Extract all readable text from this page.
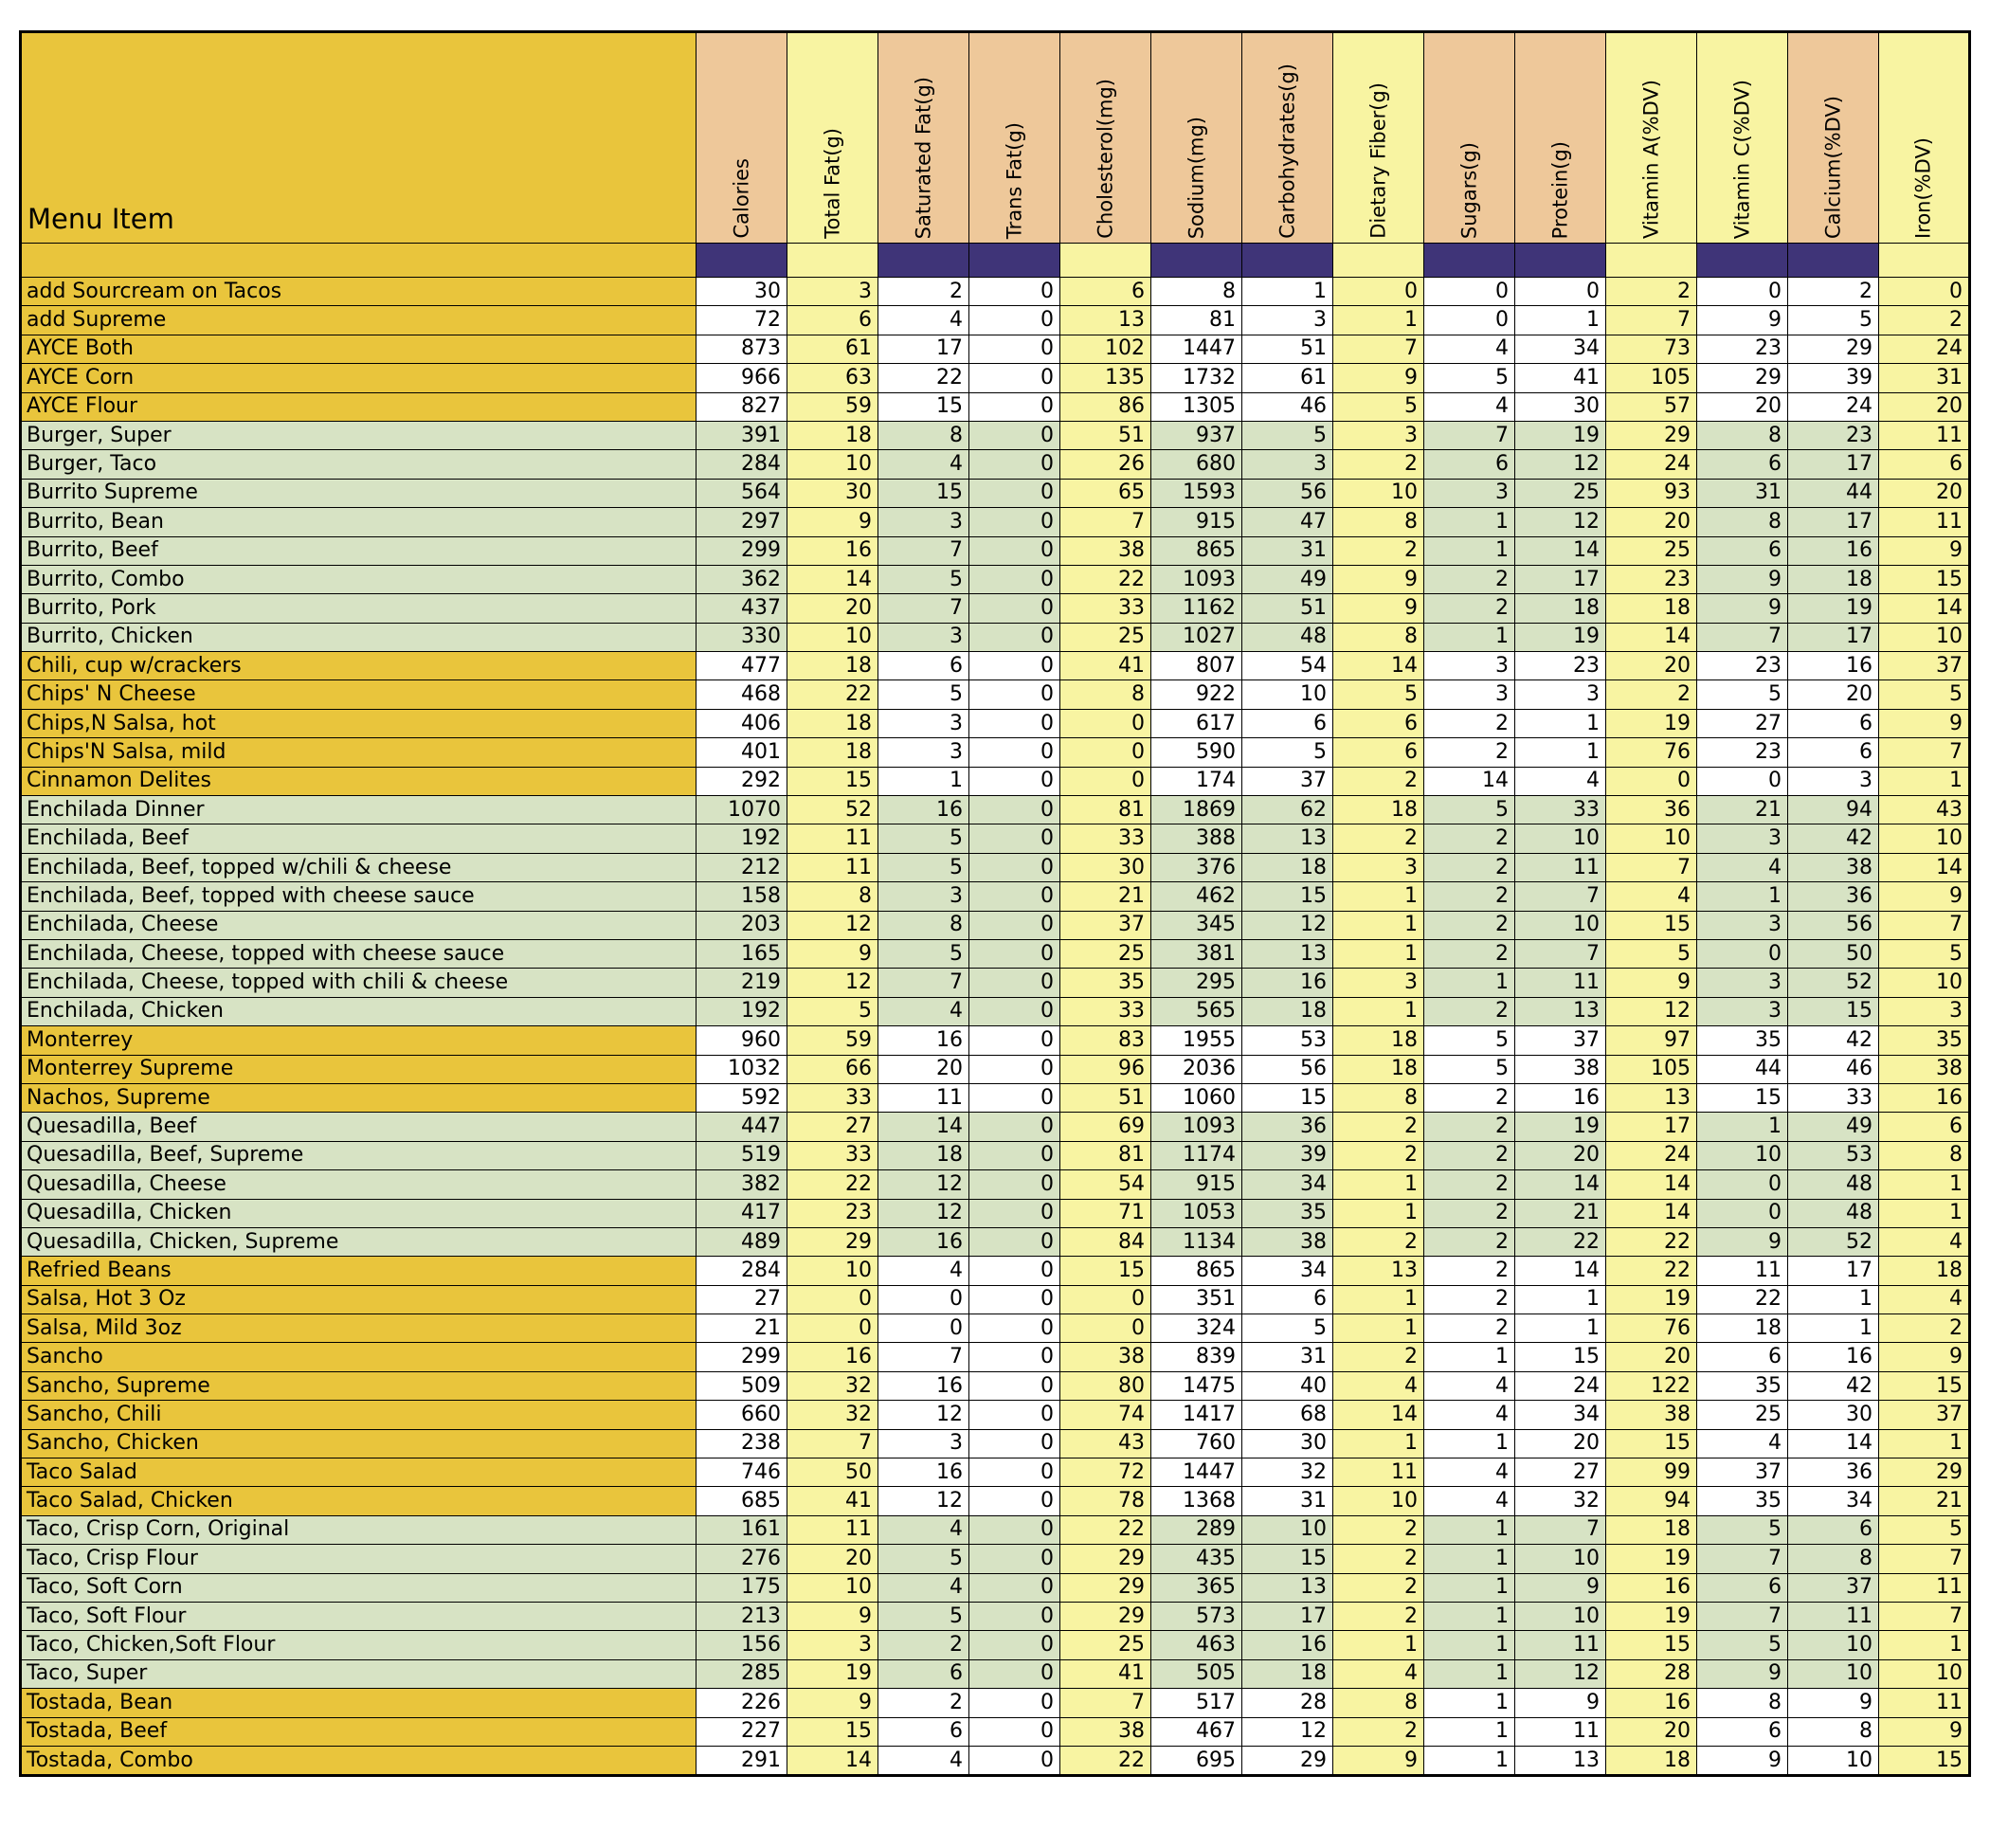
Menu Item	Calories	Total Fat(g)	Saturated Fat(g)	Trans Fat(g)	Cholesterol(mg)	Sodium(mg)	Carbohydrates(g)	Dietary Fiber(g)	Sugars(g)	Protein(g)	Vitamin A(%DV)	Vitamin C(%DV)	Calcium(%DV)	Iron(%DV)

add Sourcream on Tacos	30	3	2	0	6	8	1	0	0	0	2	0	2	0
add Supreme	72	6	4	0	13	81	3	1	0	1	7	9	5	2
AYCE Both	873	61	17	0	102	1447	51	7	4	34	73	23	29	24
AYCE Corn	966	63	22	0	135	1732	61	9	5	41	105	29	39	31
AYCE Flour	827	59	15	0	86	1305	46	5	4	30	57	20	24	20
Burger, Super	391	18	8	0	51	937	5	3	7	19	29	8	23	11
Burger, Taco	284	10	4	0	26	680	3	2	6	12	24	6	17	6
Burrito Supreme	564	30	15	0	65	1593	56	10	3	25	93	31	44	20
Burrito, Bean	297	9	3	0	7	915	47	8	1	12	20	8	17	11
Burrito, Beef	299	16	7	0	38	865	31	2	1	14	25	6	16	9
Burrito, Combo	362	14	5	0	22	1093	49	9	2	17	23	9	18	15
Burrito, Pork	437	20	7	0	33	1162	51	9	2	18	18	9	19	14
Burrito, Chicken	330	10	3	0	25	1027	48	8	1	19	14	7	17	10
Chili, cup w/crackers	477	18	6	0	41	807	54	14	3	23	20	23	16	37
Chips' N Cheese	468	22	5	0	8	922	10	5	3	3	2	5	20	5
Chips,N Salsa, hot	406	18	3	0	0	617	6	6	2	1	19	27	6	9
Chips'N Salsa, mild	401	18	3	0	0	590	5	6	2	1	76	23	6	7
Cinnamon Delites	292	15	1	0	0	174	37	2	14	4	0	0	3	1
Enchilada Dinner	1070	52	16	0	81	1869	62	18	5	33	36	21	94	43
Enchilada, Beef	192	11	5	0	33	388	13	2	2	10	10	3	42	10
Enchilada, Beef, topped w/chili & cheese	212	11	5	0	30	376	18	3	2	11	7	4	38	14
Enchilada, Beef, topped with cheese sauce	158	8	3	0	21	462	15	1	2	7	4	1	36	9
Enchilada, Cheese	203	12	8	0	37	345	12	1	2	10	15	3	56	7
Enchilada, Cheese, topped with cheese sauce	165	9	5	0	25	381	13	1	2	7	5	0	50	5
Enchilada, Cheese, topped with chili & cheese	219	12	7	0	35	295	16	3	1	11	9	3	52	10
Enchilada, Chicken	192	5	4	0	33	565	18	1	2	13	12	3	15	3
Monterrey	960	59	16	0	83	1955	53	18	5	37	97	35	42	35
Monterrey Supreme	1032	66	20	0	96	2036	56	18	5	38	105	44	46	38
Nachos, Supreme	592	33	11	0	51	1060	15	8	2	16	13	15	33	16
Quesadilla, Beef	447	27	14	0	69	1093	36	2	2	19	17	1	49	6
Quesadilla, Beef, Supreme	519	33	18	0	81	1174	39	2	2	20	24	10	53	8
Quesadilla, Cheese	382	22	12	0	54	915	34	1	2	14	14	0	48	1
Quesadilla, Chicken	417	23	12	0	71	1053	35	1	2	21	14	0	48	1
Quesadilla, Chicken, Supreme	489	29	16	0	84	1134	38	2	2	22	22	9	52	4
Refried Beans	284	10	4	0	15	865	34	13	2	14	22	11	17	18
Salsa, Hot 3 Oz	27	0	0	0	0	351	6	1	2	1	19	22	1	4
Salsa, Mild 3oz	21	0	0	0	0	324	5	1	2	1	76	18	1	2
Sancho	299	16	7	0	38	839	31	2	1	15	20	6	16	9
Sancho, Supreme	509	32	16	0	80	1475	40	4	4	24	122	35	42	15
Sancho, Chili	660	32	12	0	74	1417	68	14	4	34	38	25	30	37
Sancho, Chicken	238	7	3	0	43	760	30	1	1	20	15	4	14	1
Taco Salad	746	50	16	0	72	1447	32	11	4	27	99	37	36	29
Taco Salad, Chicken	685	41	12	0	78	1368	31	10	4	32	94	35	34	21
Taco, Crisp Corn, Original	161	11	4	0	22	289	10	2	1	7	18	5	6	5
Taco, Crisp Flour	276	20	5	0	29	435	15	2	1	10	19	7	8	7
Taco, Soft Corn	175	10	4	0	29	365	13	2	1	9	16	6	37	11
Taco, Soft Flour	213	9	5	0	29	573	17	2	1	10	19	7	11	7
Taco, Chicken,Soft Flour	156	3	2	0	25	463	16	1	1	11	15	5	10	1
Taco, Super	285	19	6	0	41	505	18	4	1	12	28	9	10	10
Tostada, Bean	226	9	2	0	7	517	28	8	1	9	16	8	9	11
Tostada, Beef	227	15	6	0	38	467	12	2	1	11	20	6	8	9
Tostada, Combo	291	14	4	0	22	695	29	9	1	13	18	9	10	15
